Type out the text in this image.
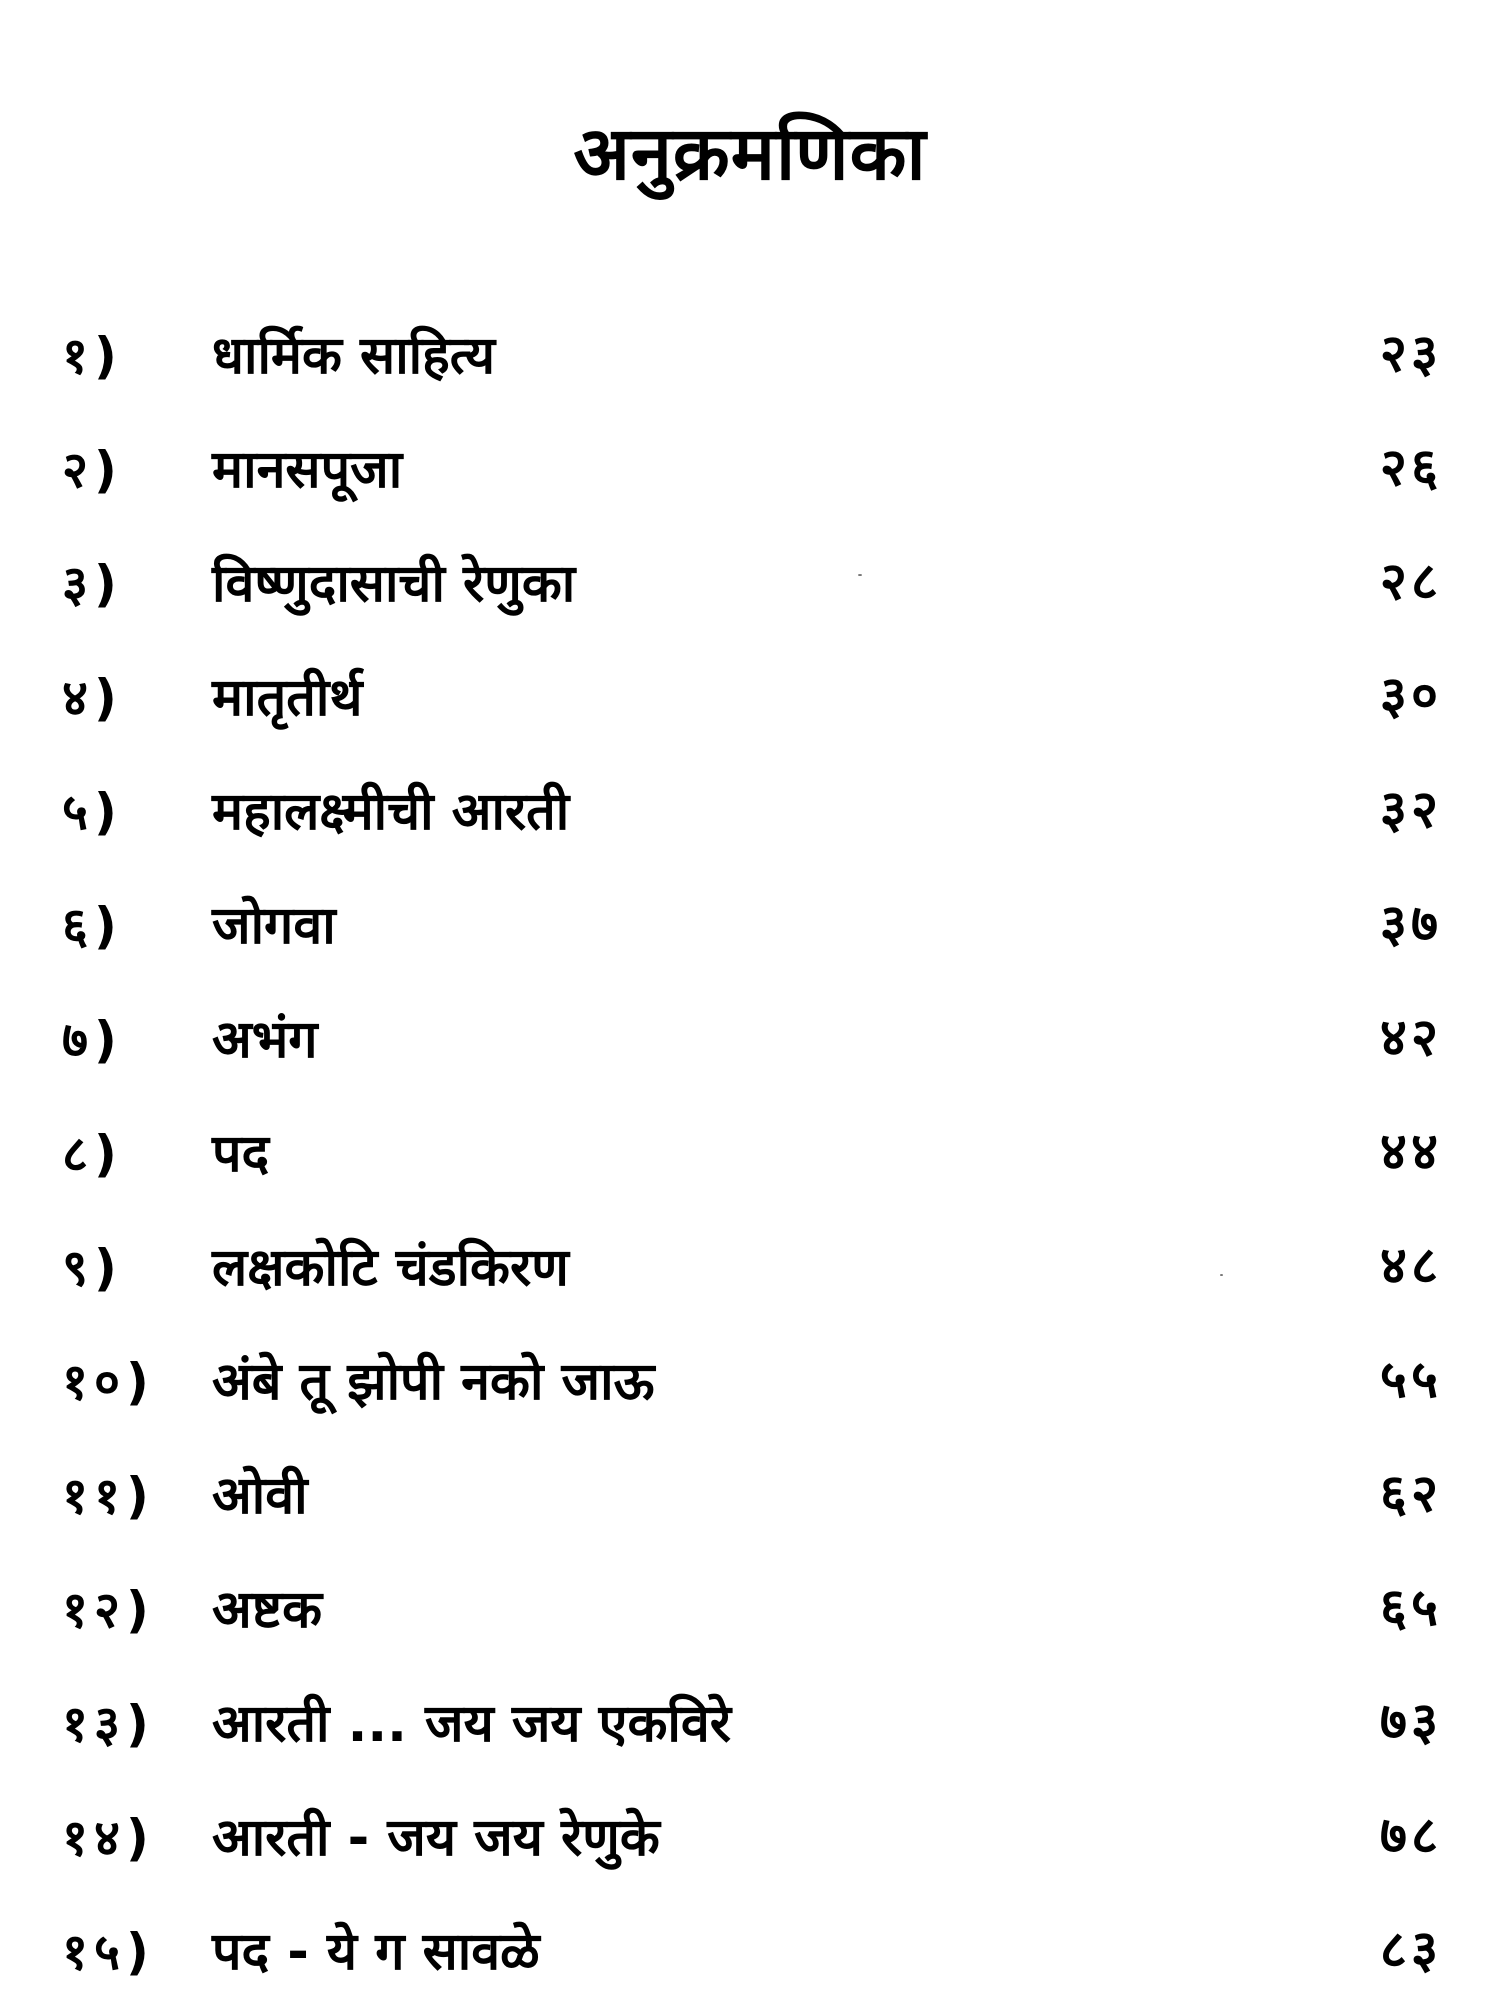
अनुक्रमणिका
१) धार्मिक साहित्य	२३
२) मानसपूजा	२६
३) विष्णुदासाची रेणुका	२८
४) मातृतीर्थ	३०
५) महालक्ष्मीची आरती	३२
६) जोगवा	३७
७) अभंग	४२
८) पद	४४
९) लक्षकोटि चंडकिरण	४८
१०) अंबे तू झोपी नको जाऊ	५५
११) ओवी	६२
१२) अष्टक	६५
१३) आरती ... जय जय एकविरे	७३
१४) आरती - जय जय रेणुके	७८
१५) पद - ये ग सावळे	८३
